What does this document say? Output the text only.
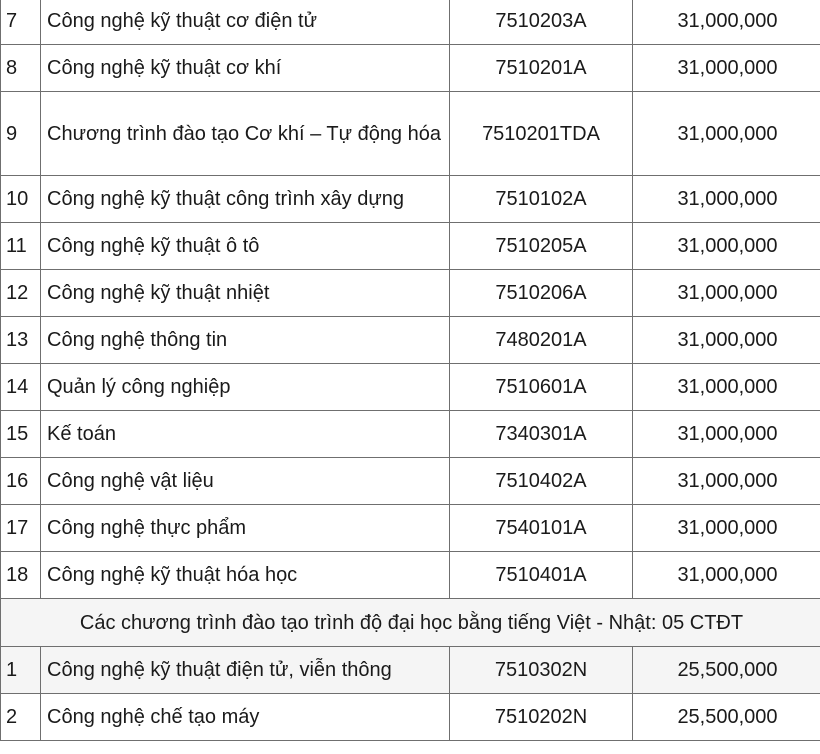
7	Công nghệ kỹ thuật cơ điện tử	7510203A	31,000,000
8	Công nghệ kỹ thuật cơ khí	7510201A	31,000,000
9	Chương trình đào tạo Cơ khí – Tự động hóa	7510201TDA	31,000,000
10	Công nghệ kỹ thuật công trình xây dựng	7510102A	31,000,000
11	Công nghệ kỹ thuật ô tô	7510205A	31,000,000
12	Công nghệ kỹ thuật nhiệt	7510206A	31,000,000
13	Công nghệ thông tin	7480201A	31,000,000
14	Quản lý công nghiệp	7510601A	31,000,000
15	Kế toán	7340301A	31,000,000
16	Công nghệ vật liệu	7510402A	31,000,000
17	Công nghệ thực phẩm	7540101A	31,000,000
18	Công nghệ kỹ thuật hóa học	7510401A	31,000,000
Các chương trình đào tạo trình độ đại học bằng tiếng Việt - Nhật: 05 CTĐT			
1	Công nghệ kỹ thuật điện tử, viễn thông	7510302N	25,500,000
2	Công nghệ chế tạo máy	7510202N	25,500,000
